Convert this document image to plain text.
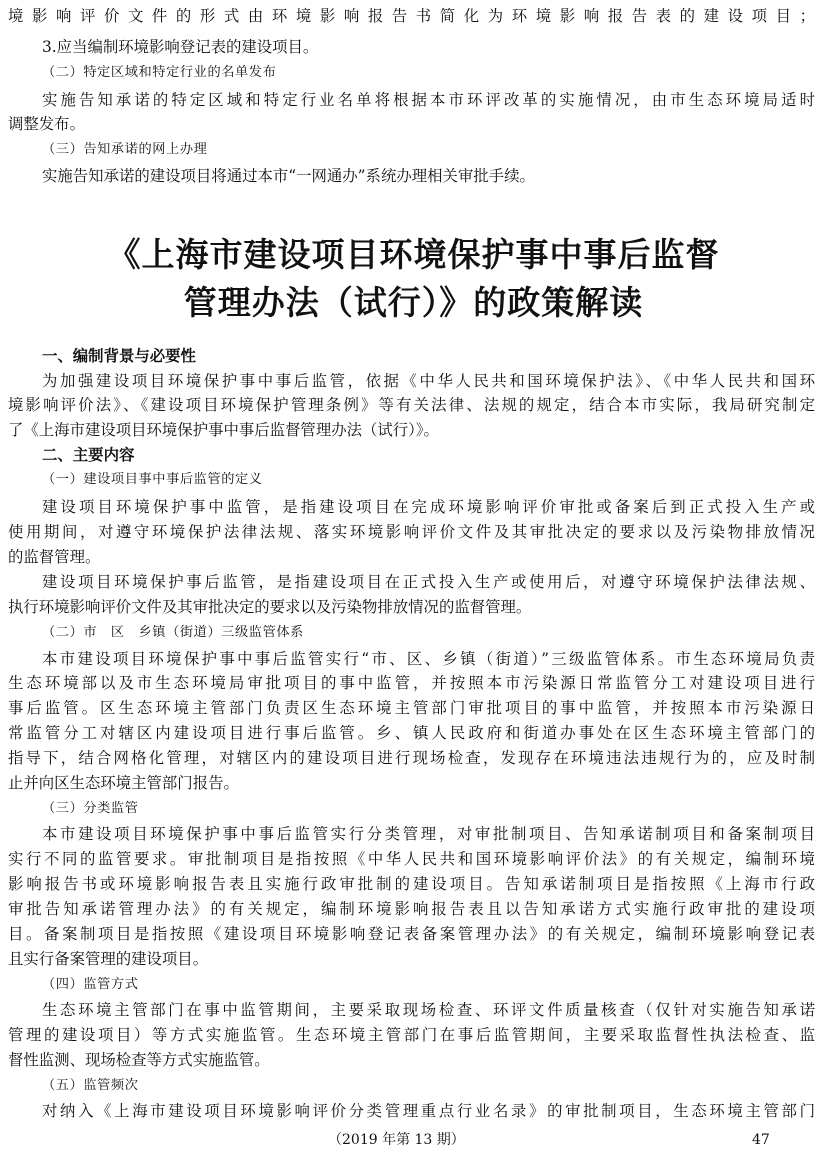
境影响评价文件的形式由环境影响报告书简化为环境影响报告表的建设项目；
3.应当编制环境影响登记表的建设项目。
（二）特定区域和特定行业的名单发布
实施告知承诺的特定区域和特定行业名单将根据本市环评改革的实施情况，由市生态环境局适时
调整发布。
（三）告知承诺的网上办理
实施告知承诺的建设项目将通过本市“一网通办”系统办理相关审批手续。
《上海市建设项目环境保护事中事后监督
管理办法（试行）》的政策解读
一、编制背景与必要性
为加强建设项目环境保护事中事后监管，依据《中华人民共和国环境保护法》、《中华人民共和国环
境影响评价法》、《建设项目环境保护管理条例》等有关法律、法规的规定，结合本市实际，我局研究制定
了《上海市建设项目环境保护事中事后监督管理办法（试行）》。
二、主要内容
（一）建设项目事中事后监管的定义
建设项目环境保护事中监管，是指建设项目在完成环境影响评价审批或备案后到正式投入生产或
使用期间，对遵守环境保护法律法规、落实环境影响评价文件及其审批决定的要求以及污染物排放情况
的监督管理。
建设项目环境保护事后监管，是指建设项目在正式投入生产或使用后，对遵守环境保护法律法规、
执行环境影响评价文件及其审批决定的要求以及污染物排放情况的监督管理。
（二）市　区　乡镇（街道）三级监管体系
本市建设项目环境保护事中事后监管实行“市、区、乡镇（街道）”三级监管体系。市生态环境局负责
生态环境部以及市生态环境局审批项目的事中监管，并按照本市污染源日常监管分工对建设项目进行
事后监管。区生态环境主管部门负责区生态环境主管部门审批项目的事中监管，并按照本市污染源日
常监管分工对辖区内建设项目进行事后监管。乡、镇人民政府和街道办事处在区生态环境主管部门的
指导下，结合网格化管理，对辖区内的建设项目进行现场检查，发现存在环境违法违规行为的，应及时制
止并向区生态环境主管部门报告。
（三）分类监管
本市建设项目环境保护事中事后监管实行分类管理，对审批制项目、告知承诺制项目和备案制项目
实行不同的监管要求。审批制项目是指按照《中华人民共和国环境影响评价法》的有关规定，编制环境
影响报告书或环境影响报告表且实施行政审批制的建设项目。告知承诺制项目是指按照《上海市行政
审批告知承诺管理办法》的有关规定，编制环境影响报告表且以告知承诺方式实施行政审批的建设项
目。备案制项目是指按照《建设项目环境影响登记表备案管理办法》的有关规定，编制环境影响登记表
且实行备案管理的建设项目。
（四）监管方式
生态环境主管部门在事中监管期间，主要采取现场检查、环评文件质量核查（仅针对实施告知承诺
管理的建设项目）等方式实施监管。生态环境主管部门在事后监管期间，主要采取监督性执法检查、监
督性监测、现场检查等方式实施监管。
（五）监管频次
对纳入《上海市建设项目环境影响评价分类管理重点行业名录》的审批制项目，生态环境主管部门
（2019 年第 13 期）	47
